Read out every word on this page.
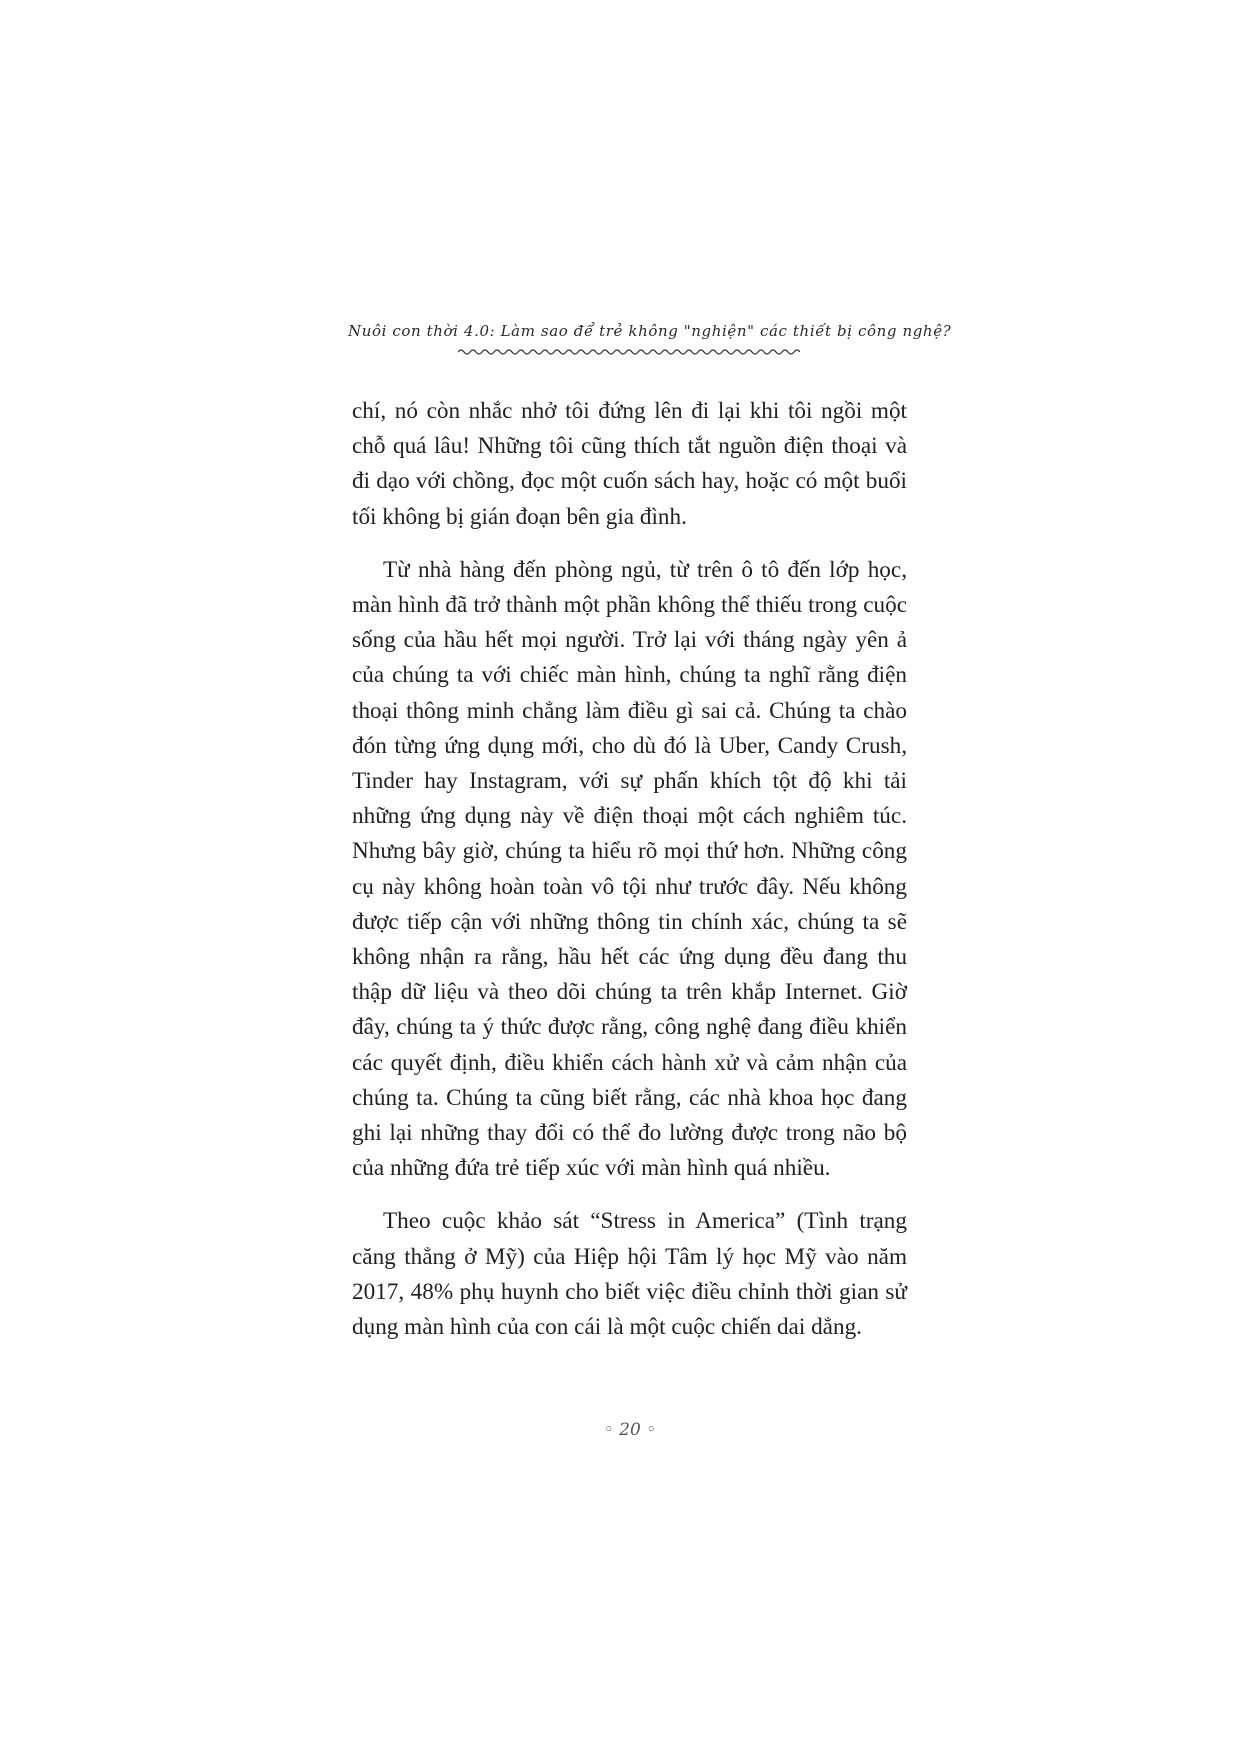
Nuôi con thời 4.0: Làm sao để trẻ không "nghiện" các thiết bị công nghệ?

chí, nó còn nhắc nhở tôi đứng lên đi lại khi tôi ngồi một chỗ quá lâu! Những tôi cũng thích tắt nguồn điện thoại và đi dạo với chồng, đọc một cuốn sách hay, hoặc có một buổi tối không bị gián đoạn bên gia đình.

Từ nhà hàng đến phòng ngủ, từ trên ô tô đến lớp học, màn hình đã trở thành một phần không thể thiếu trong cuộc sống của hầu hết mọi người. Trở lại với tháng ngày yên ả của chúng ta với chiếc màn hình, chúng ta nghĩ rằng điện thoại thông minh chẳng làm điều gì sai cả. Chúng ta chào đón từng ứng dụng mới, cho dù đó là Uber, Candy Crush, Tinder hay Instagram, với sự phấn khích tột độ khi tải những ứng dụng này về điện thoại một cách nghiêm túc. Nhưng bây giờ, chúng ta hiểu rõ mọi thứ hơn. Những công cụ này không hoàn toàn vô tội như trước đây. Nếu không được tiếp cận với những thông tin chính xác, chúng ta sẽ không nhận ra rằng, hầu hết các ứng dụng đều đang thu thập dữ liệu và theo dõi chúng ta trên khắp Internet. Giờ đây, chúng ta ý thức được rằng, công nghệ đang điều khiển các quyết định, điều khiển cách hành xử và cảm nhận của chúng ta. Chúng ta cũng biết rằng, các nhà khoa học đang ghi lại những thay đổi có thể đo lường được trong não bộ của những đứa trẻ tiếp xúc với màn hình quá nhiều.

Theo cuộc khảo sát “Stress in America” (Tình trạng căng thẳng ở Mỹ) của Hiệp hội Tâm lý học Mỹ vào năm 2017, 48% phụ huynh cho biết việc điều chỉnh thời gian sử dụng màn hình của con cái là một cuộc chiến dai dẳng.

◦ 20 ◦
